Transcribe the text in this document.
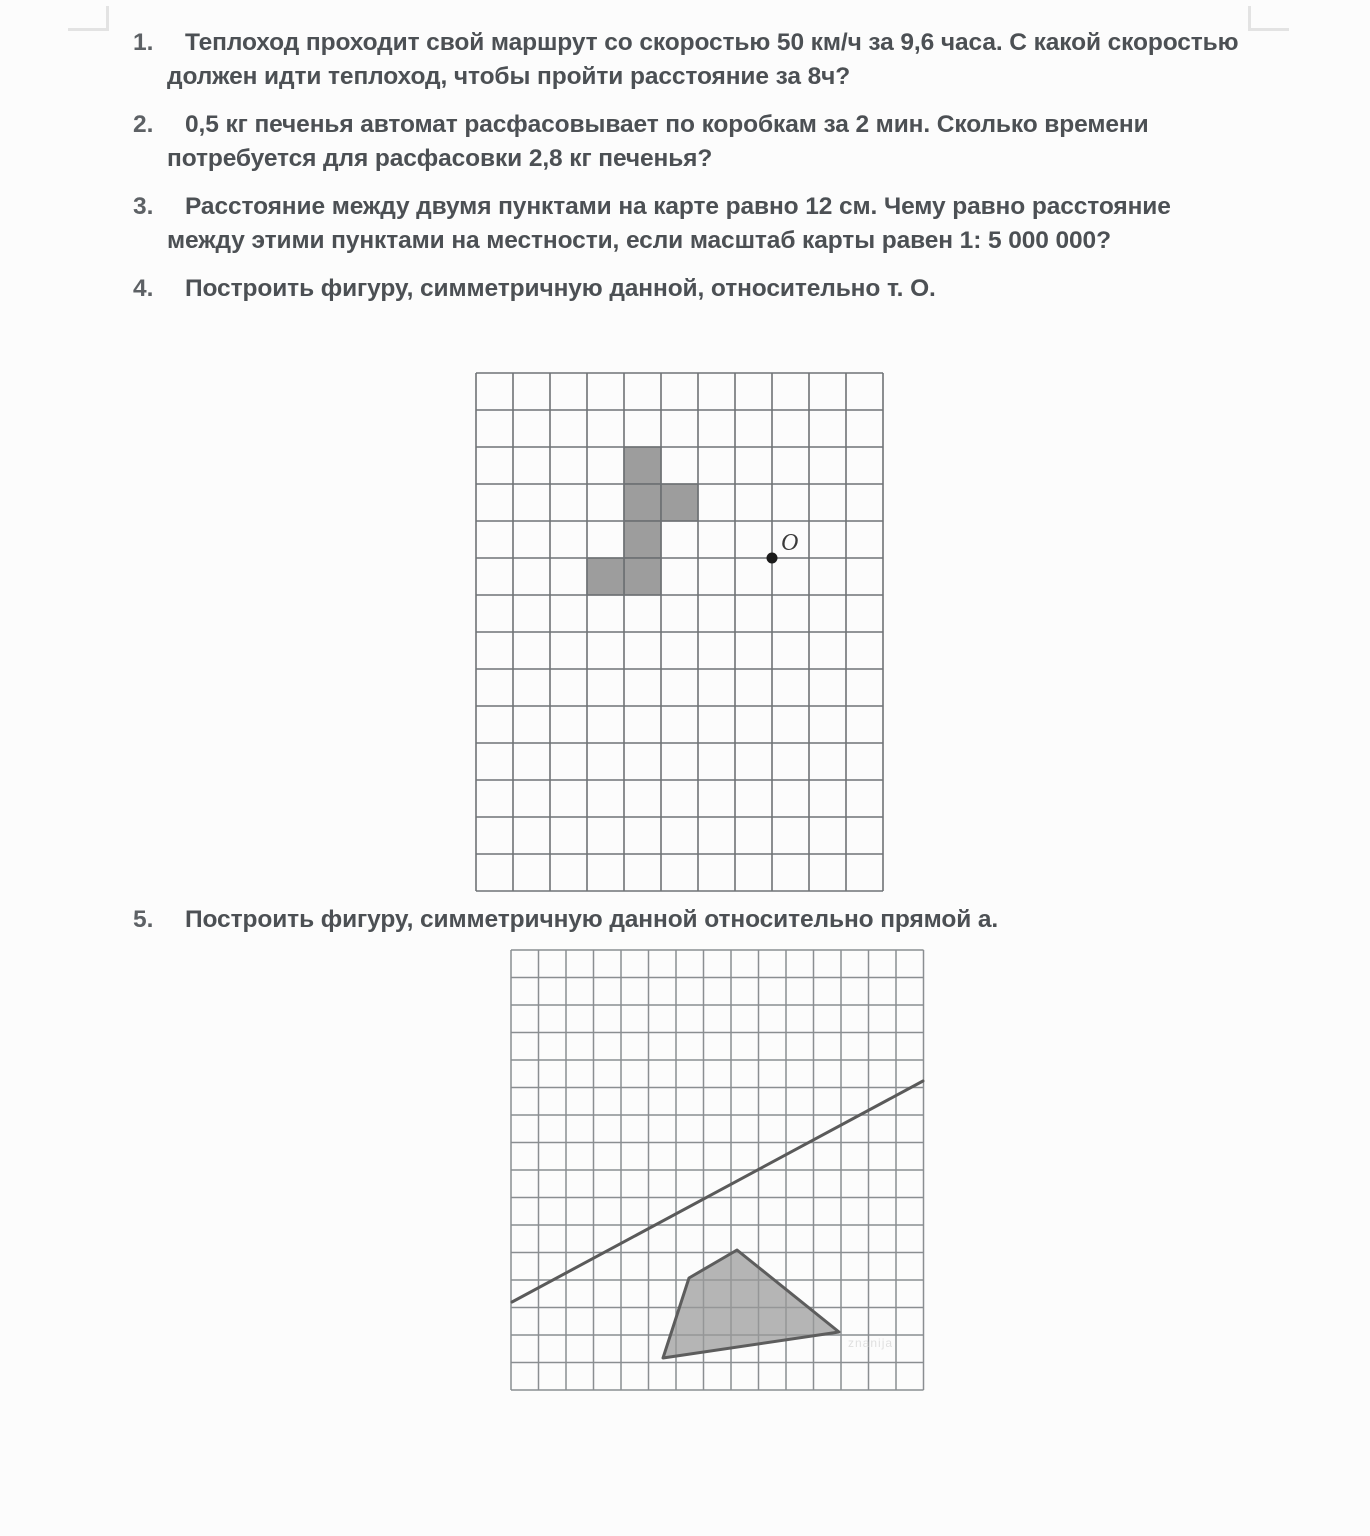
1.	Теплоход проходит свой маршрут со скоростью 50 км/ч за 9,6 часа. С какой скоростью должен идти теплоход, чтобы пройти расстояние за 8ч?
2.	0,5 кг печенья автомат расфасовывает по коробкам за 2 мин. Сколько времени потребуется для расфасовки 2,8 кг печенья?
3.	Расстояние между двумя пунктами на карте равно 12 см. Чему равно расстояние между этими пунктами на местности, если масштаб карты равен 1: 5 000 000?
4.	Построить фигуру, симметричную данной, относительно т. О.
5.	Построить фигуру, симметричную данной относительно прямой а.
O
znanija
